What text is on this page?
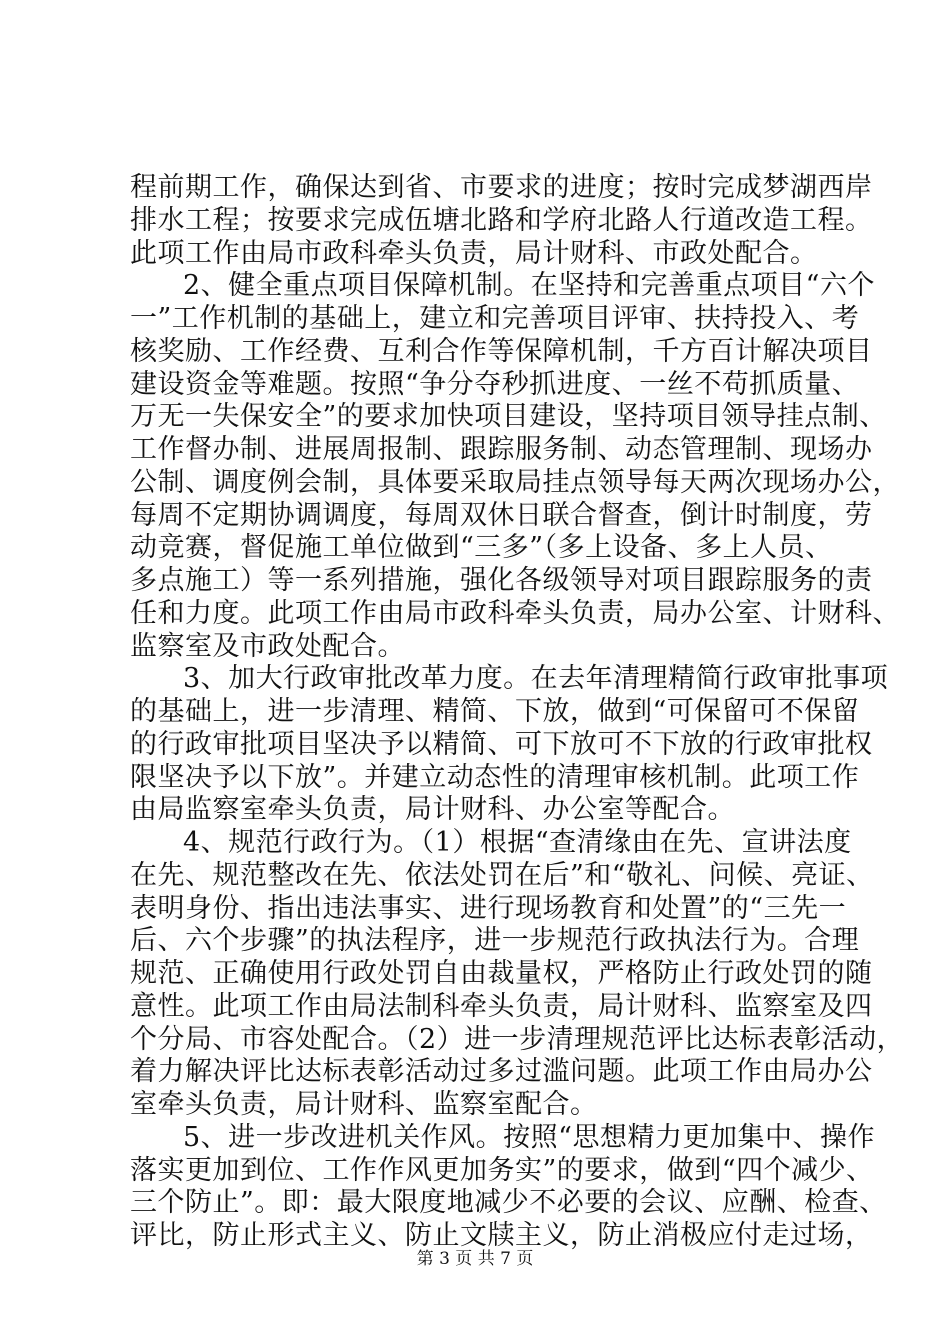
程前期工作，确保达到省、市要求的进度；按时完成梦湖西岸
排水工程；按要求完成伍塘北路和学府北路人行道改造工程。
此项工作由局市政科牵头负责，局计财科、市政处配合。
2、健全重点项目保障机制。在坚持和完善重点项目“六个
一”工作机制的基础上，建立和完善项目评审、扶持投入、考
核奖励、工作经费、互利合作等保障机制，千方百计解决项目
建设资金等难题。按照“争分夺秒抓进度、一丝不苟抓质量、
万无一失保安全”的要求加快项目建设，坚持项目领导挂点制、
工作督办制、进展周报制、跟踪服务制、动态管理制、现场办
公制、调度例会制，具体要采取局挂点领导每天两次现场办公，
每周不定期协调调度，每周双休日联合督查，倒计时制度，劳
动竞赛，督促施工单位做到“三多”（多上设备、多上人员、
多点施工）等一系列措施，强化各级领导对项目跟踪服务的责
任和力度。此项工作由局市政科牵头负责，局办公室、计财科、
监察室及市政处配合。
3、加大行政审批改革力度。在去年清理精简行政审批事项
的基础上，进一步清理、精简、下放，做到“可保留可不保留
的行政审批项目坚决予以精简、可下放可不下放的行政审批权
限坚决予以下放”。并建立动态性的清理审核机制。此项工作
由局监察室牵头负责，局计财科、办公室等配合。
4、规范行政行为。（1）根据“查清缘由在先、宣讲法度
在先、规范整改在先、依法处罚在后”和“敬礼、问候、亮证、
表明身份、指出违法事实、进行现场教育和处置”的“三先一
后、六个步骤”的执法程序，进一步规范行政执法行为。合理
规范、正确使用行政处罚自由裁量权，严格防止行政处罚的随
意性。此项工作由局法制科牵头负责，局计财科、监察室及四
个分局、市容处配合。（2）进一步清理规范评比达标表彰活动，
着力解决评比达标表彰活动过多过滥问题。此项工作由局办公
室牵头负责，局计财科、监察室配合。
5、进一步改进机关作风。按照“思想精力更加集中、操作
落实更加到位、工作作风更加务实”的要求，做到“四个减少、
三个防止”。即：最大限度地减少不必要的会议、应酬、检查、
评比，防止形式主义、防止文牍主义，防止消极应付走过场，
第 3 页 共 7 页
